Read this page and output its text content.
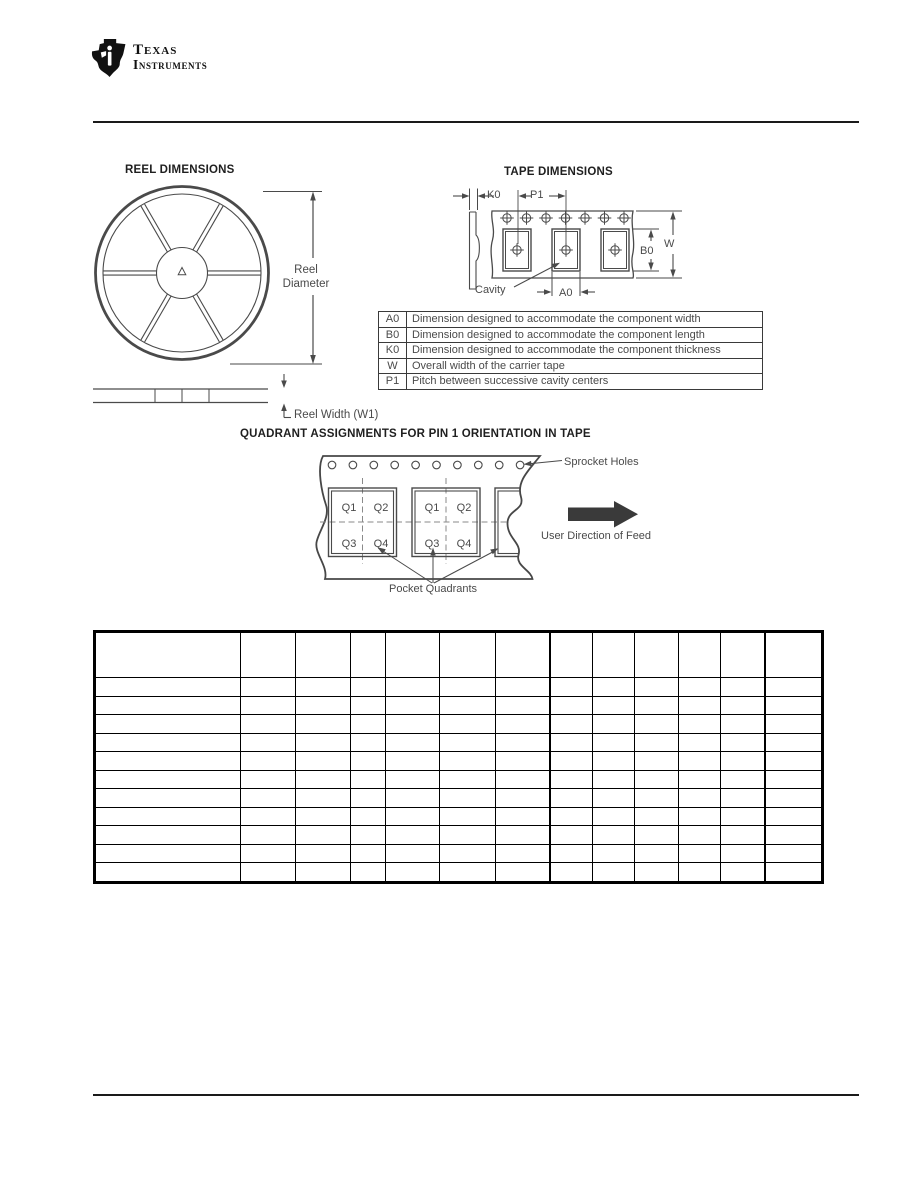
Texas
Instruments
REEL DIMENSIONS
Reel
Diameter
Reel Width (W1)
TAPE DIMENSIONS
K0	P1
B0
W
A0
Cavity
A0	Dimension designed to accommodate the component width
B0	Dimension designed to accommodate the component length
K0	Dimension designed to accommodate the component thickness
W	Overall width of the carrier tape
P1	Pitch between successive cavity centers
QUADRANT ASSIGNMENTS FOR PIN 1 ORIENTATION IN TAPE
Sprocket Holes
Q1 Q2
Q3 Q4
Q1 Q2
Q3 Q4
User Direction of Feed
Pocket Quadrants
